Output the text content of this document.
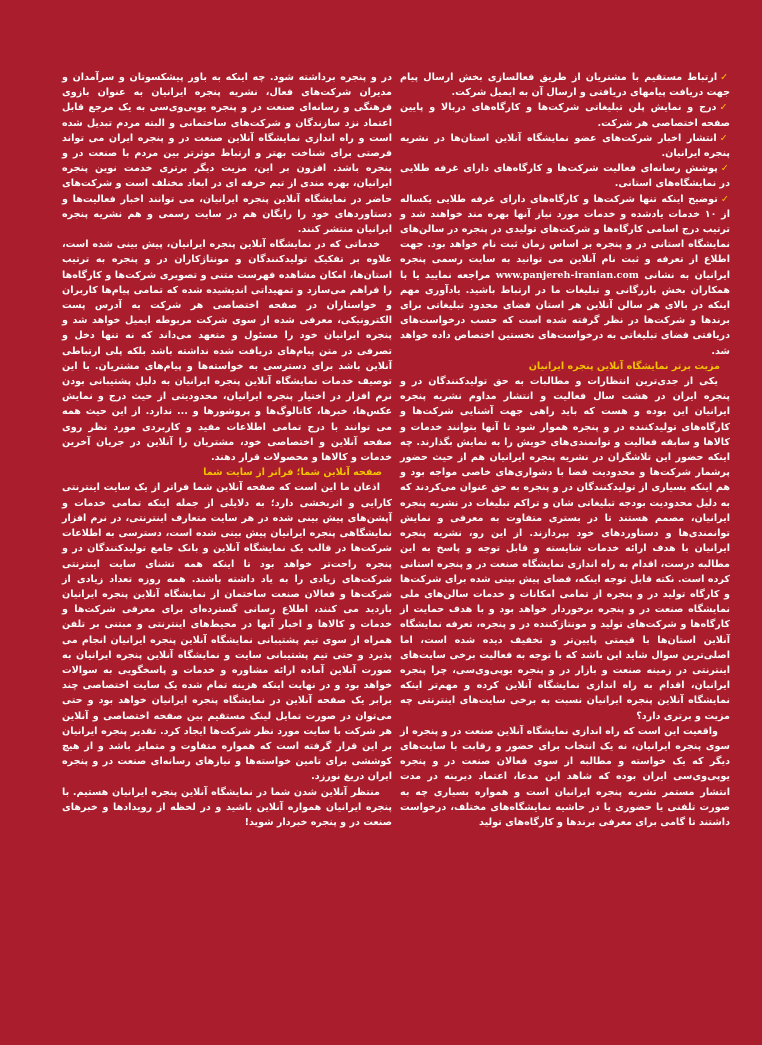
✓ارتباط مستقیم با مشتریان از طریق فعالسازی بخش ارسال پیام جهت دریافت پیامهای دریافتی و ارسال آن به ایمیل شرکت.

✓درج و نمایش پلن تبلیغاتی شرکت‌ها و کارگاه‌های دربالا و پایین صفحه اختصاصی هر شرکت.

✓انتشار اخبار شرکت‌های عضو نمایشگاه آنلاین استان‌ها در نشریه پنجره ایرانیان.

✓پوشش رسانه‌ای فعالیت شرکت‌ها و کارگاه‌های دارای غرفه طلایی در نمایشگاه‌های استانی.

✓توضیح اینکه تنها شرکت‌ها و کارگاه‌های دارای غرفه طلایی یکساله از ۱۰ خدمات یادشده و خدمات مورد نیاز آنها بهره مند خواهند شد و ترتیب درج اسامی کارگاه‌ها و شرکت‌های تولیدی در پنجره در سالن‌های نمایشگاه استانی در و پنجره بر اساس زمان ثبت نام خواهد بود. جهت اطلاع از تعرفه و ثبت نام آنلاین می توانید به سایت رسمی پنجره ایرانیان به نشانی www.panjereh-iranian.com مراجعه نمایید یا با همکاران بخش بازرگانی و تبلیغات ما در ارتباط باشید. یادآوری مهم اینکه در بالای هر سالن آنلاین هر استان فضای محدود تبلیغاتی برای برندها و شرکت‌ها در نظر گرفته شده است که حسب درخواست‌های دریافتی فضای تبلیغاتی به درخواست‌های نخستین اختصاص داده خواهد شد.

مزیت برتر نمایشگاه آنلاین پنجره ایرانیان

یکی از جدی‌ترین انتظارات و مطالبات به حق تولیدکنندگان در و پنجره ایران در هشت سال فعالیت و انتشار مداوم نشریه پنجره ایرانیان این بوده و هست که باید راهی جهت آشنایی شرکت‌ها و کارگاه‌های تولیدکننده در و پنجره هموار شود تا آنها بتوانند خدمات و کالاها و سابقه فعالیت و توانمندی‌های خویش را به نمایش بگذارند. چه اینکه حضور این تلاشگران در نشریه پنجره ایرانیان هم از حیث حضور پرشمار شرکت‌ها و محدودیت فضا با دشواری‌های خاصی مواجه بود و هم اینکه بسیاری از تولیدکنندگان در و پنجره به حق عنوان می‌کردند که به دلیل محدودیت بودجه تبلیغاتی شان و تراکم تبلیغات در نشریه پنجره ایرانیان، مصمم هستند تا در بستری متفاوت به معرفی و نمایش توانمندی‌ها و دستاوردهای خود بپردازند. از این رو، نشریه پنجره ایرانیان با هدف ارائه خدمات شایسته و قابل توجه و پاسخ به این مطالبه درست، اقدام به راه اندازی نمایشگاه صنعت در و پنجره استانی کرده است. نکته قابل توجه اینکه، فضای پیش بینی شده برای شرکت‌ها و کارگاه تولید در و پنجره از تمامی امکانات و خدمات سالن‌های ملی نمایشگاه صنعت در و پنجره برخوردار خواهد بود و با هدف حمایت از کارگاه‌ها و شرکت‌های تولید و مونتاژکننده در و پنجره، تعرفه نمایشگاه آنلاین استان‌ها با قیمتی پایین‌تر و تخفیف دیده شده است، اما اصلی‌ترین سوال شاید این باشد که با توجه به فعالیت برخی سایت‌های اینترنتی در زمینه صنعت و بازار در و پنجره یوپی‌وی‌سی، چرا پنجره ایرانیان، اقدام به راه اندازی نمایشگاه آنلاین کرده و مهم‌تر اینکه نمایشگاه آنلاین پنجره ایرانیان نسبت به برخی سایت‌های اینترنتی چه مزیت و برتری دارد؟

واقعیت این است که راه اندازی نمایشگاه آنلاین صنعت در و پنجره از سوی پنجره ایرانیان، نه یک انتخاب برای حضور و رقابت با سایت‌های دیگر که یک خواسته و مطالبه از سوی فعالان صنعت در و پنجره یوپی‌وی‌سی ایران بوده که شاهد این مدعا، اعتماد دیرینه در مدت انتشار مستمر نشریه پنجره ایرانیان است و همواره بسیاری چه به صورت تلفنی یا حضوری یا در حاشیه نمایشگاه‌های مختلف، درخواست داشتند تا گامی برای معرفی برندها و کارگاه‌های تولید

در و پنجره برداشته شود. چه اینکه به باور پیشکسوتان و سرآمدان و مدیران شرکت‌های فعال، نشریه پنجره ایرانیان به عنوان بازوی فرهنگی و رسانه‌ای صنعت در و پنجره یوپی‌وی‌سی به یک مرجع قابل اعتماد نزد سازندگان و شرکت‌های ساختمانی و البته مردم تبدیل شده است و راه اندازی نمایشگاه آنلاین صنعت در و پنجره ایران می تواند فرصتی برای شناخت بهتر و ارتباط موثرتر بین مردم با صنعت در و پنجره باشد. افزون بر این، مزیت دیگر برتری خدمت نوین پنجره ایرانیان، بهره مندی از تیم حرفه ای در ابعاد مختلف است و شرکت‌های حاضر در نمایشگاه آنلاین پنجره ایرانیان، می توانند اخبار فعالیت‌ها و دستاوردهای خود را رایگان هم در سایت رسمی و هم نشریه پنجره ایرانیان منتشر کنند.

خدماتی که در نمایشگاه آنلاین پنجره ایرانیان، پیش بینی شده است، علاوه بر تفکیک تولیدکنندگان و مونتاژکاران در و پنجره به ترتیب استان‌ها، امکان مشاهده فهرست متنی و تصویری شرکت‌ها و کارگاه‌ها را فراهم می‌سازد و تمهیداتی اندیشیده شده که تمامی پیام‌ها کاربران و خواستاران در صفحه اختصاصی هر شرکت به آدرس پست الکترونیکی، معرفی شده از سوی شرکت مربوطه ایمیل خواهد شد و پنجره ایرانیان خود را مسئول و متعهد می‌داند که نه تنها دخل و تصرفی در متن پیام‌های دریافت شده نداشته باشد بلکه پلی ارتباطی آنلاین باشد برای دسترسی به خواسته‌ها و پیام‌های مشتریان. با این توصیف خدمات نمایشگاه آنلاین پنجره ایرانیان به دلیل پشتیبانی بودن نرم افزار در اختیار پنجره ایرانیان، محدودیتی از حیث درج و نمایش عکس‌ها، خبرها، کاتالوگ‌ها و پروشورها و ... ندارد. از این حیث همه می توانند با درج تمامی اطلاعات مفید و کاربردی مورد نظر روی صفحه آنلاین و اختصاصی خود، مشتریان را آنلاین در جریان آخرین خدمات و کالاها و محصولات قرار دهند.

صفحه آنلاین شما؛ فراتر از سایت شما

اذعان ما این است که صفحه آنلاین شما فراتر از یک سایت اینترنتی کارایی و اثربخشی دارد؛ به دلایلی از جمله اینکه تمامی خدمات و آپشن‌های پیش بینی شده در هر سایت متعارف اینترنتی، در نرم افزار نمایشگاهی پنجره ایرانیان پیش بینی شده است، دسترسی به اطلاعات شرکت‌ها در قالب یک نمایشگاه آنلاین و بانک جامع تولیدکنندگان در و پنجره راحت‌تر خواهد بود تا اینکه همه تشنای سایت اینترنتی شرکت‌های زیادی را به یاد داشته باشند. همه روزه تعداد زیادی از شرکت‌ها و فعالان صنعت ساختمان از نمایشگاه آنلاین پنجره ایرانیان بازدید می کنند، اطلاع رسانی گسترده‌ای برای معرفی شرکت‌ها و خدمات و کالاها و اخبار آنها در محیط‌های اینترنتی و مبتنی بر تلفن همراه از سوی تیم پشتیبانی نمایشگاه آنلاین پنجره ایرانیان انجام می پذیرد و حتی تیم پشتیبانی سایت و نمایشگاه آنلاین پنجره ایرانیان به صورت آنلاین آماده ارائه مشاوره و خدمات و پاسخگویی به سوالات خواهد بود و در نهایت اینکه هزینه تمام شده یک سایت اختصاصی چند برابر یک صفحه آنلاین در نمایشگاه پنجره ایرانیان خواهد بود و حتی می‌توان در صورت تمایل لینک مستقیم بین صفحه اختصاصی و آنلاین هر شرکت با سایت مورد نظر شرکت‌ها ایجاد کرد. تقدیر پنجره ایرانیان بر این قرار گرفته است که همواره متفاوت و متمایز باشد و از هیچ کوششی برای تامین خواسته‌ها و نیازهای رسانه‌ای صنعت در و پنجره ایران دریغ نورزد.

منتظر آنلاین شدن شما در نمایشگاه آنلاین پنجره ایرانیان هستیم. با پنجره ایرانیان همواره آنلاین باشید و در لحظه از رویدادها و خبرهای صنعت در و پنجره خبردار شوید!
